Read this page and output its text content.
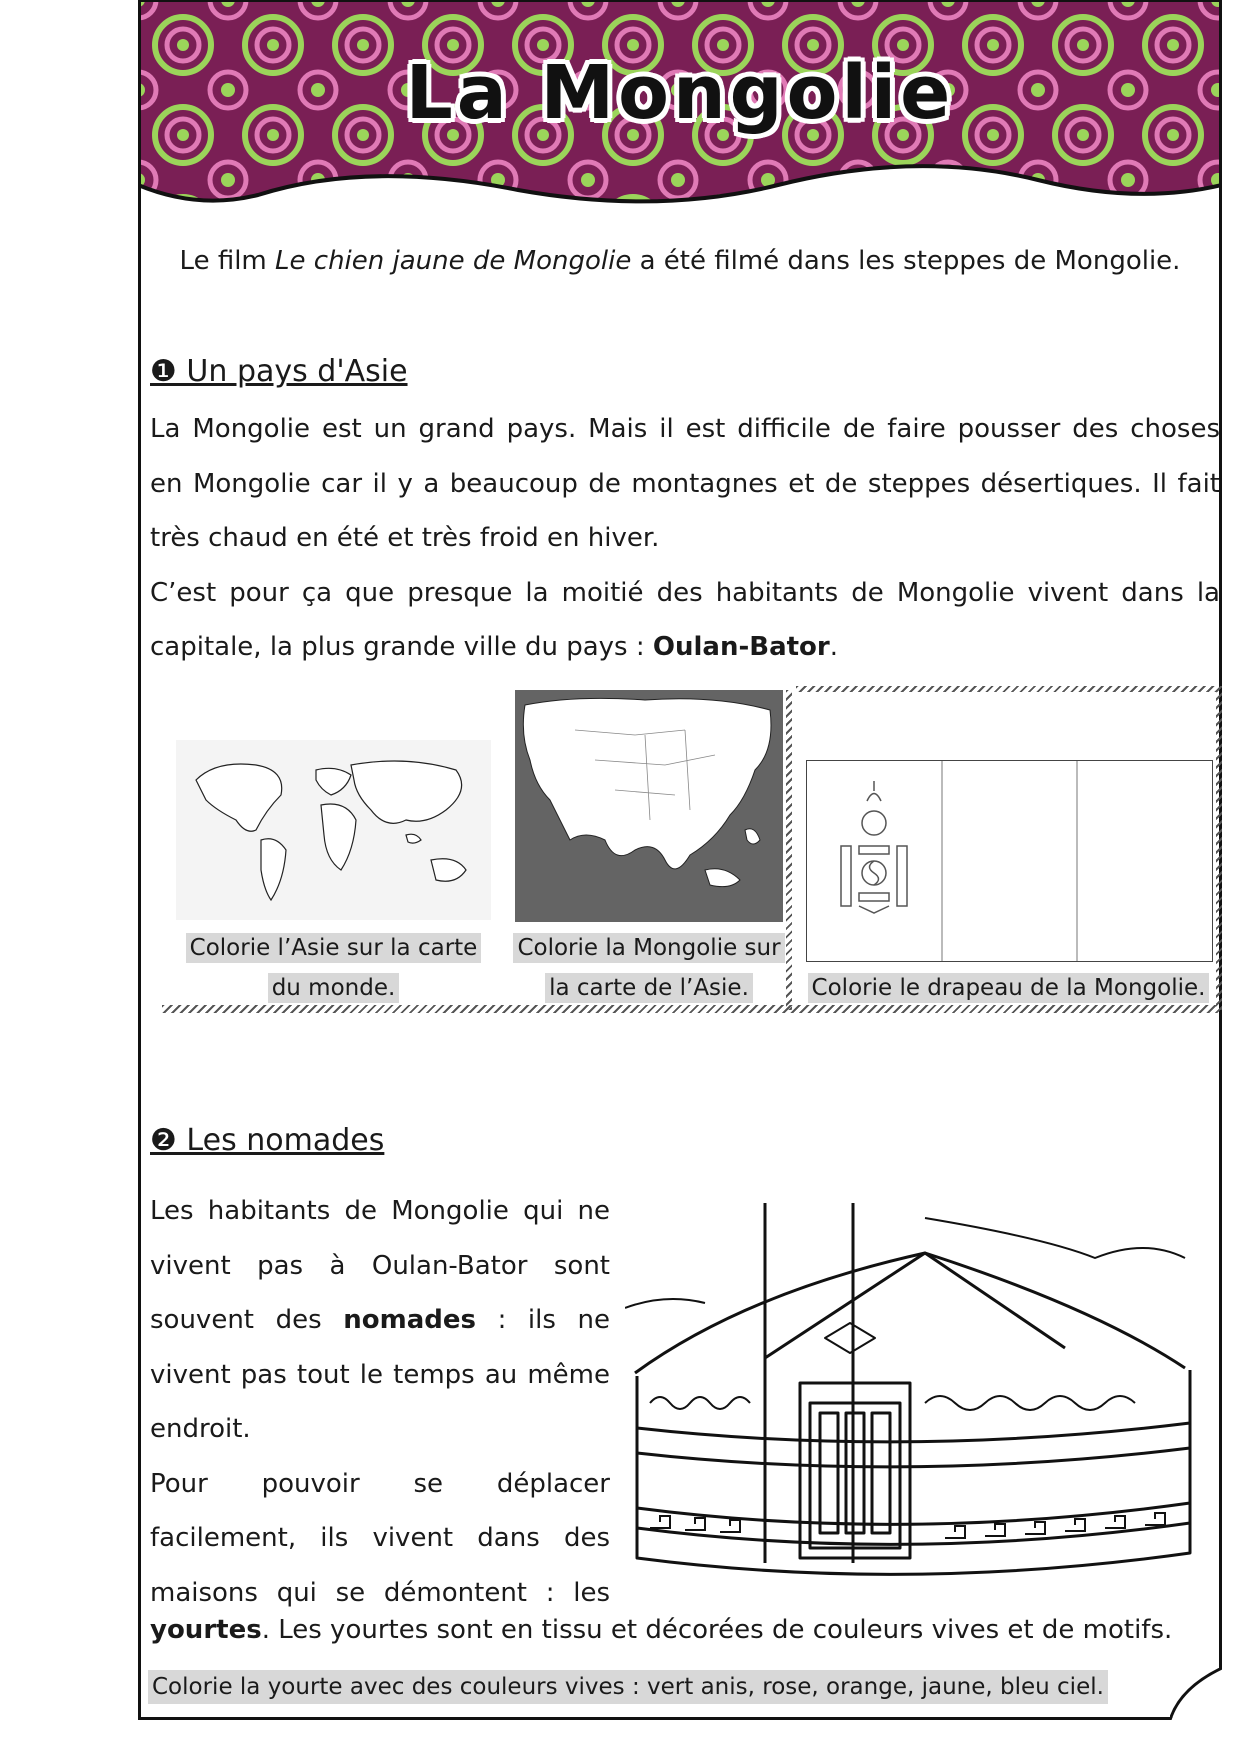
La Mongolie
Le film Le chien jaune de Mongolie a été filmé dans les steppes de Mongolie.
❶ Un pays d'Asie
La Mongolie est un grand pays. Mais il est difficile de faire pousser des choses
en Mongolie car il y a beaucoup de montagnes et de steppes désertiques. Il fait
très chaud en été et très froid en hiver.
C’est pour ça que presque la moitié des habitants de Mongolie vivent dans la
capitale, la plus grande ville du pays : Oulan-Bator.
Colorie l’Asie sur la carte
du monde.
Colorie la Mongolie sur
la carte de l’Asie.	Colorie le drapeau de la Mongolie.
❷ Les nomades
Les habitants de Mongolie qui ne
vivent pas à Oulan-Bator sont
souvent des nomades : ils ne
vivent pas tout le temps au même
endroit.
Pour pouvoir se déplacer
facilement, ils vivent dans des
maisons qui se démontent : les
yourtes. Les yourtes sont en tissu et décorées de couleurs vives et de motifs.
Colorie la yourte avec des couleurs vives : vert anis, rose, orange, jaune, bleu ciel.
